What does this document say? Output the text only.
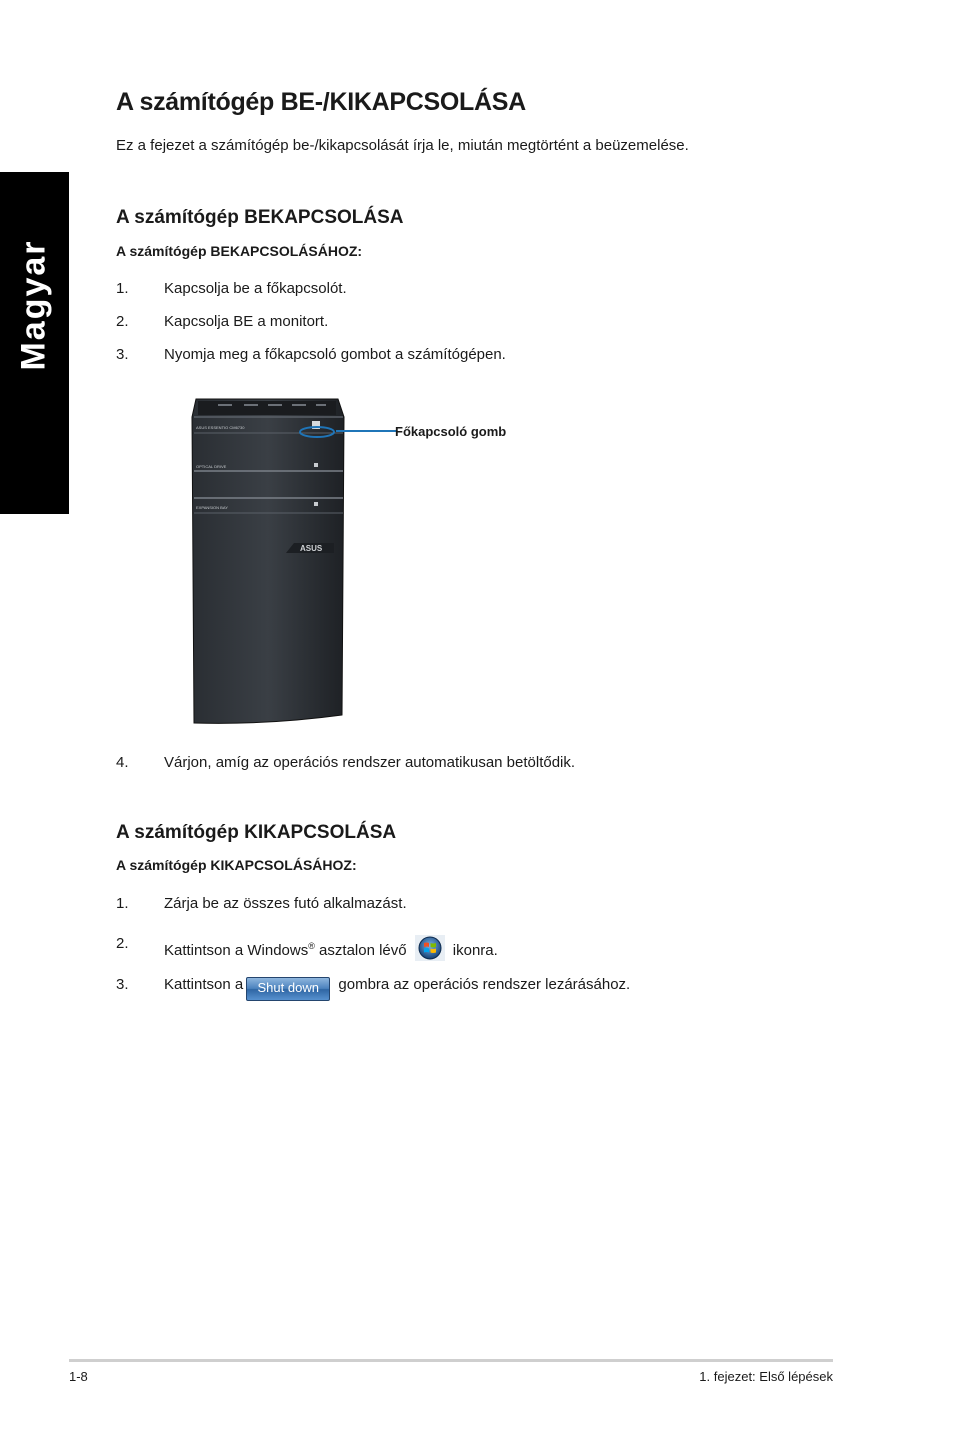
Magyar
A számítógép BE-/KIKAPCSOLÁSA
Ez a fejezet a számítógép be-/kikapcsolását írja le, miután megtörtént a beüzemelése.
A számítógép BEKAPCSOLÁSA
A számítógép BEKAPCSOLÁSÁHOZ:
1. Kapcsolja be a főkapcsolót.
2. Kapcsolja BE a monitort.
3. Nyomja meg a főkapcsoló gombot a számítógépen.
ASUS ESSENTIO CM6730
OPTICAL DRIVE
EXPANSION BAY
ASUS
Főkapcsoló gomb
4. Várjon, amíg az operációs rendszer automatikusan betöltődik.
A számítógép KIKAPCSOLÁSA
A számítógép KIKAPCSOLÁSÁHOZ:
1. Zárja be az összes futó alkalmazást.
2. Kattintson a Windows® asztalon lévő	ikonra.
3. Kattintson a Shut down gombra az operációs rendszer lezárásához.
1-8	1. fejezet: Első lépések
